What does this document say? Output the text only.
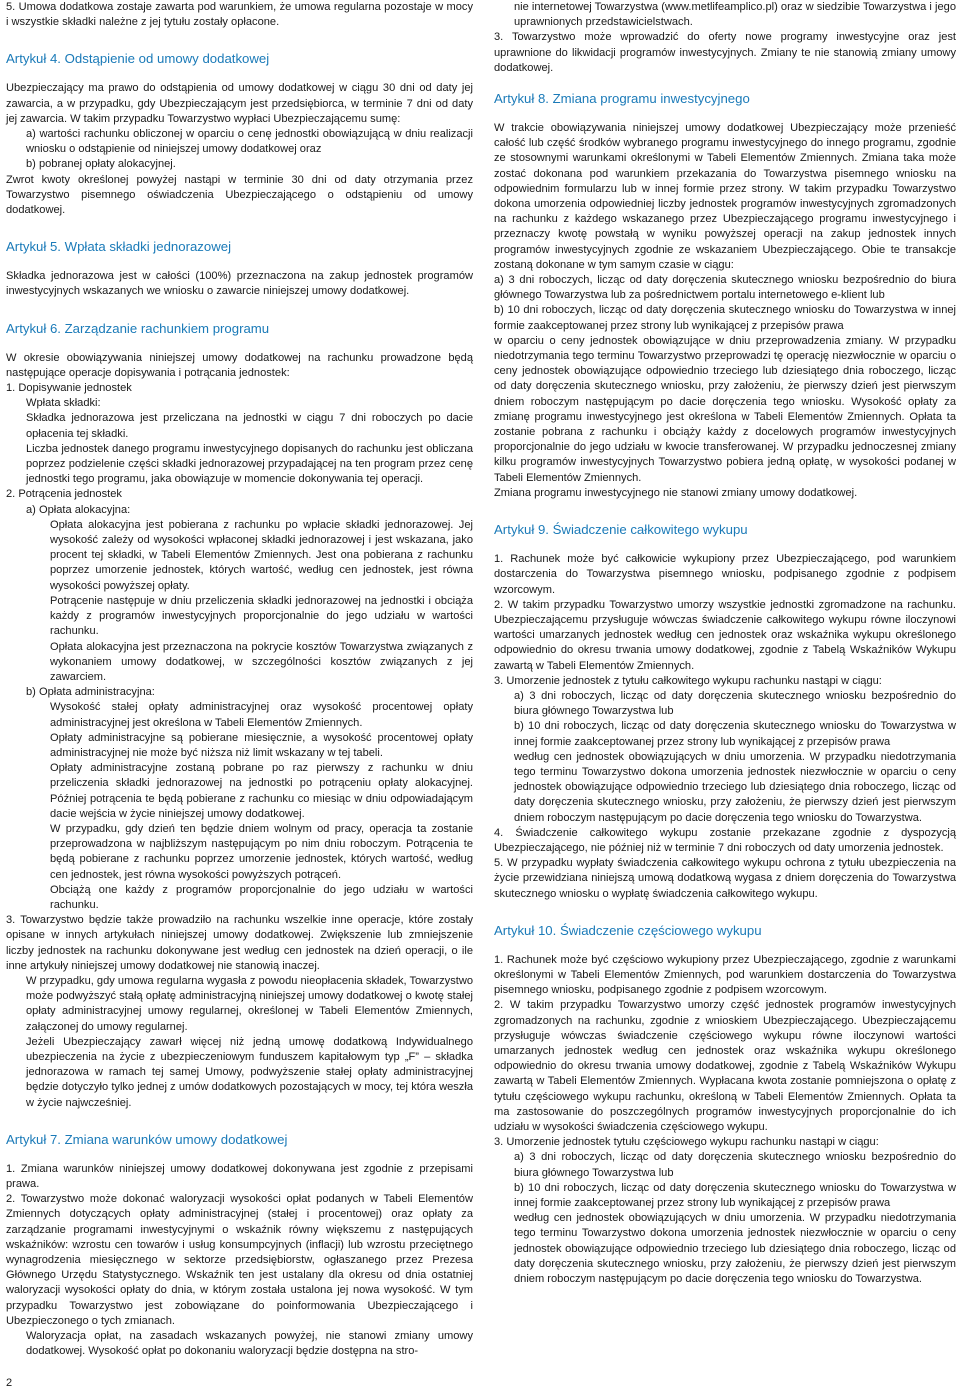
5. Umowa dodatkowa zostaje zawarta pod warunkiem, że umowa regularna pozostaje w mocy i wszystkie składki należne z jej tytułu zostały opłacone.

Artykuł 4. Odstąpienie od umowy dodatkowej

Ubezpieczający ma prawo do odstąpienia od umowy dodatkowej w ciągu 30 dni od daty jej zawarcia, a w przypadku, gdy Ubezpieczającym jest przedsiębiorca, w terminie 7 dni od daty jej zawarcia. W takim przypadku Towarzystwo wypłaci Ubezpieczającemu sumę:

a) wartości rachunku obliczonej w oparciu o cenę jednostki obowiązującą w dniu realizacji wniosku o odstąpienie od niniejszej umowy dodatkowej oraz

b) pobranej opłaty alokacyjnej.

Zwrot kwoty określonej powyżej nastąpi w terminie 30 dni od daty otrzymania przez Towarzystwo pisemnego oświadczenia Ubezpieczającego o odstąpieniu od umowy dodatkowej.

Artykuł 5. Wpłata składki jednorazowej

Składka jednorazowa jest w całości (100%) przeznaczona na zakup jednostek programów inwestycyjnych wskazanych we wniosku o zawarcie niniejszej umowy dodatkowej.

Artykuł 6. Zarządzanie rachunkiem programu

W okresie obowiązywania niniejszej umowy dodatkowej na rachunku prowadzone będą następujące operacje dopisywania i potrącania jednostek:

1. Dopisywanie jednostek

Wpłata składki:

Składka jednorazowa jest przeliczana na jednostki w ciągu 7 dni roboczych po dacie opłacenia tej składki.

Liczba jednostek danego programu inwestycyjnego dopisanych do rachunku jest obliczana poprzez podzielenie części składki jednorazowej przypadającej na ten program przez cenę jednostki tego programu, jaka obowiązuje w momencie dokonywania tej operacji.

2. Potrącenia jednostek

a) Opłata alokacyjna:

Opłata alokacyjna jest pobierana z rachunku po wpłacie składki jednorazowej. Jej wysokość zależy od wysokości wpłaconej składki jednorazowej i jest wskazana, jako procent tej składki, w Tabeli Elementów Zmiennych. Jest ona pobierana z rachunku poprzez umorzenie jednostek, których wartość, według cen jednostek, jest równa wysokości powyższej opłaty.

Potrącenie następuje w dniu przeliczenia składki jednorazowej na jednostki i obciąża każdy z programów inwestycyjnych proporcjonalnie do jego udziału w wartości rachunku.

Opłata alokacyjna jest przeznaczona na pokrycie kosztów Towarzystwa związanych z wykonaniem umowy dodatkowej, w szczególności kosztów związanych z jej zawarciem.

b) Opłata administracyjna:

Wysokość stałej opłaty administracyjnej oraz wysokość procentowej opłaty administracyjnej jest określona w Tabeli Elementów Zmiennych.

Opłaty administracyjne są pobierane miesięcznie, a wysokość procentowej opłaty administracyjnej nie może być niższa niż limit wskazany w tej tabeli.

Opłaty administracyjne zostaną pobrane po raz pierwszy z rachunku w dniu przeliczenia składki jednorazowej na jednostki po potrąceniu opłaty alokacyjnej. Później potrącenia te będą pobierane z rachunku co miesiąc w dniu odpowiadającym dacie wejścia w życie niniejszej umowy dodatkowej.

W przypadku, gdy dzień ten będzie dniem wolnym od pracy, operacja ta zostanie przeprowadzona w najbliższym następującym po nim dniu roboczym. Potrącenia te będą pobierane z rachunku poprzez umorzenie jednostek, których wartość, według cen jednostek, jest równa wysokości powyższych potrąceń.

Obciążą one każdy z programów proporcjonalnie do jego udziału w wartości rachunku.

3. Towarzystwo będzie także prowadziło na rachunku wszelkie inne operacje, które zostały opisane w innych artykułach niniejszej umowy dodatkowej. Zwiększenie lub zmniejszenie liczby jednostek na rachunku dokonywane jest według cen jednostek na dzień operacji, o ile inne artykuły niniejszej umowy dodatkowej nie stanowią inaczej.

W przypadku, gdy umowa regularna wygasła z powodu nieopłacenia składek, Towarzystwo może podwyższyć stałą opłatę administracyjną niniejszej umowy dodatkowej o kwotę stałej opłaty administracyjnej umowy regularnej, określonej w Tabeli Elementów Zmiennych, załączonej do umowy regularnej.

Jeżeli Ubezpieczający zawarł więcej niż jedną umowę dodatkową Indywidualnego ubezpieczenia na życie z ubezpieczeniowym funduszem kapitałowym typ „F” – składka jednorazowa w ramach tej samej Umowy, podwyższenie stałej opłaty administracyjnej będzie dotyczyło tylko jednej z umów dodatkowych pozostających w mocy, tej która weszła w życie najwcześniej.

Artykuł 7. Zmiana warunków umowy dodatkowej

1. Zmiana warunków niniejszej umowy dodatkowej dokonywana jest zgodnie z przepisami prawa.

2. Towarzystwo może dokonać waloryzacji wysokości opłat podanych w Tabeli Elementów Zmiennych dotyczących opłaty administracyjnej (stałej i procentowej) oraz opłaty za zarządzanie programami inwestycyjnymi o wskaźnik równy większemu z następujących wskaźników: wzrostu cen towarów i usług konsumpcyjnych (inflacji) lub wzrostu przeciętnego wynagrodzenia miesięcznego w sektorze przedsiębiorstw, ogłaszanego przez Prezesa Głównego Urzędu Statystycznego. Wskaźnik ten jest ustalany dla okresu od dnia ostatniej waloryzacji wysokości opłaty do dnia, w którym została ustalona jej nowa wysokość. W tym przypadku Towarzystwo jest zobowiązane do poinformowania Ubezpieczającego i Ubezpieczonego o tych zmianach.

Waloryzacja opłat, na zasadach wskazanych powyżej, nie stanowi zmiany umowy dodatkowej. Wysokość opłat po dokonaniu waloryzacji będzie dostępna na stro-

nie internetowej Towarzystwa (www.metlifeamplico.pl) oraz w siedzibie Towarzystwa i jego uprawnionych przedstawicielstwach.

3. Towarzystwo może wprowadzić do oferty nowe programy inwestycyjne oraz jest uprawnione do likwidacji programów inwestycyjnych. Zmiany te nie stanowią zmiany umowy dodatkowej.

Artykuł 8. Zmiana programu inwestycyjnego

W trakcie obowiązywania niniejszej umowy dodatkowej Ubezpieczający może przenieść całość lub część środków wybranego programu inwestycyjnego do innego programu, zgodnie ze stosownymi warunkami określonymi w Tabeli Elementów Zmiennych. Zmiana taka może zostać dokonana pod warunkiem przekazania do Towarzystwa pisemnego wniosku na odpowiednim formularzu lub w innej formie przez strony. W takim przypadku Towarzystwo dokona umorzenia odpowiedniej liczby jednostek programów inwestycyjnych zgromadzonych na rachunku z każdego wskazanego przez Ubezpieczającego programu inwestycyjnego i przeznaczy kwotę powstałą w wyniku powyższej operacji na zakup jednostek innych programów inwestycyjnych zgodnie ze wskazaniem Ubezpieczającego. Obie te transakcje zostaną dokonane w tym samym czasie w ciągu:

a) 3 dni roboczych, licząc od daty doręczenia skutecznego wniosku bezpośrednio do biura głównego Towarzystwa lub za pośrednictwem portalu internetowego e-klient lub

b) 10 dni roboczych, licząc od daty doręczenia skutecznego wniosku do Towarzystwa w innej formie zaakceptowanej przez strony lub wynikającej z przepisów prawa

w oparciu o ceny jednostek obowiązujące w dniu przeprowadzenia zmiany. W przypadku niedotrzymania tego terminu Towarzystwo przeprowadzi tę operację niezwłocznie w oparciu o ceny jednostek obowiązujące odpowiednio trzeciego lub dziesiątego dnia roboczego, licząc od daty doręczenia skutecznego wniosku, przy założeniu, że pierwszy dzień jest pierwszym dniem roboczym następującym po dacie doręczenia tego wniosku. Wysokość opłaty za zmianę programu inwestycyjnego jest określona w Tabeli Elementów Zmiennych. Opłata ta zostanie pobrana z rachunku i obciąży każdy z docelowych programów inwestycyjnych proporcjonalnie do jego udziału w kwocie transferowanej. W przypadku jednoczesnej zmiany kilku programów inwestycyjnych Towarzystwo pobiera jedną opłatę, w wysokości podanej w Tabeli Elementów Zmiennych.

Zmiana programu inwestycyjnego nie stanowi zmiany umowy dodatkowej.

Artykuł 9. Świadczenie całkowitego wykupu

1. Rachunek może być całkowicie wykupiony przez Ubezpieczającego, pod warunkiem dostarczenia do Towarzystwa pisemnego wniosku, podpisanego zgodnie z podpisem wzorcowym.

2. W takim przypadku Towarzystwo umorzy wszystkie jednostki zgromadzone na rachunku. Ubezpieczającemu przysługuje wówczas świadczenie całkowitego wykupu równe iloczynowi wartości umarzanych jednostek według cen jednostek oraz wskaźnika wykupu określonego odpowiednio do okresu trwania umowy dodatkowej, zgodnie z Tabelą Wskaźników Wykupu zawartą w Tabeli Elementów Zmiennych.

3. Umorzenie jednostek z tytułu całkowitego wykupu rachunku nastąpi w ciągu:

a) 3 dni roboczych, licząc od daty doręczenia skutecznego wniosku bezpośrednio do biura głównego Towarzystwa lub

b) 10 dni roboczych, licząc od daty doręczenia skutecznego wniosku do Towarzystwa w innej formie zaakceptowanej przez strony lub wynikającej z przepisów prawa

według cen jednostek obowiązujących w dniu umorzenia. W przypadku niedotrzymania tego terminu Towarzystwo dokona umorzenia jednostek niezwłocznie w oparciu o ceny jednostek obowiązujące odpowiednio trzeciego lub dziesiątego dnia roboczego, licząc od daty doręczenia skutecznego wniosku, przy założeniu, że pierwszy dzień jest pierwszym dniem roboczym następującym po dacie doręczenia tego wniosku do Towarzystwa.

4. Świadczenie całkowitego wykupu zostanie przekazane zgodnie z dyspozycją Ubezpieczającego, nie później niż w terminie 7 dni roboczych od daty umorzenia jednostek.

5. W przypadku wypłaty świadczenia całkowitego wykupu ochrona z tytułu ubezpieczenia na życie przewidziana niniejszą umową dodatkową wygasa z dniem doręczenia do Towarzystwa skutecznego wniosku o wypłatę świadczenia całkowitego wykupu.

Artykuł 10. Świadczenie częściowego wykupu

1. Rachunek może być częściowo wykupiony przez Ubezpieczającego, zgodnie z warunkami określonymi w Tabeli Elementów Zmiennych, pod warunkiem dostarczenia do Towarzystwa pisemnego wniosku, podpisanego zgodnie z podpisem wzorcowym.

2. W takim przypadku Towarzystwo umorzy część jednostek programów inwestycyjnych zgromadzonych na rachunku, zgodnie z wnioskiem Ubezpieczającego. Ubezpieczającemu przysługuje wówczas świadczenie częściowego wykupu równe iloczynowi wartości umarzanych jednostek według cen jednostek oraz wskaźnika wykupu określonego odpowiednio do okresu trwania umowy dodatkowej, zgodnie z Tabelą Wskaźników Wykupu zawartą w Tabeli Elementów Zmiennych. Wypłacana kwota zostanie pomniejszona o opłatę z tytułu częściowego wykupu rachunku, określoną w Tabeli Elementów Zmiennych. Opłata ta ma zastosowanie do poszczególnych programów inwestycyjnych proporcjonalnie do ich udziału w wysokości świadczenia częściowego wykupu.

3. Umorzenie jednostek tytułu częściowego wykupu rachunku nastąpi w ciągu:

a) 3 dni roboczych, licząc od daty doręczenia skutecznego wniosku bezpośrednio do biura głównego Towarzystwa lub

b) 10 dni roboczych, licząc od daty doręczenia skutecznego wniosku do Towarzystwa w innej formie zaakceptowanej przez strony lub wynikającej z przepisów prawa

według cen jednostek obowiązujących w dniu umorzenia. W przypadku niedotrzymania tego terminu Towarzystwo dokona umorzenia jednostek niezwłocznie w oparciu o ceny jednostek obowiązujące odpowiednio trzeciego lub dziesiątego dnia roboczego, licząc od daty doręczenia skutecznego wniosku, przy założeniu, że pierwszy dzień jest pierwszym dniem roboczym następującym po dacie doręczenia tego wniosku do Towarzystwa.

2
